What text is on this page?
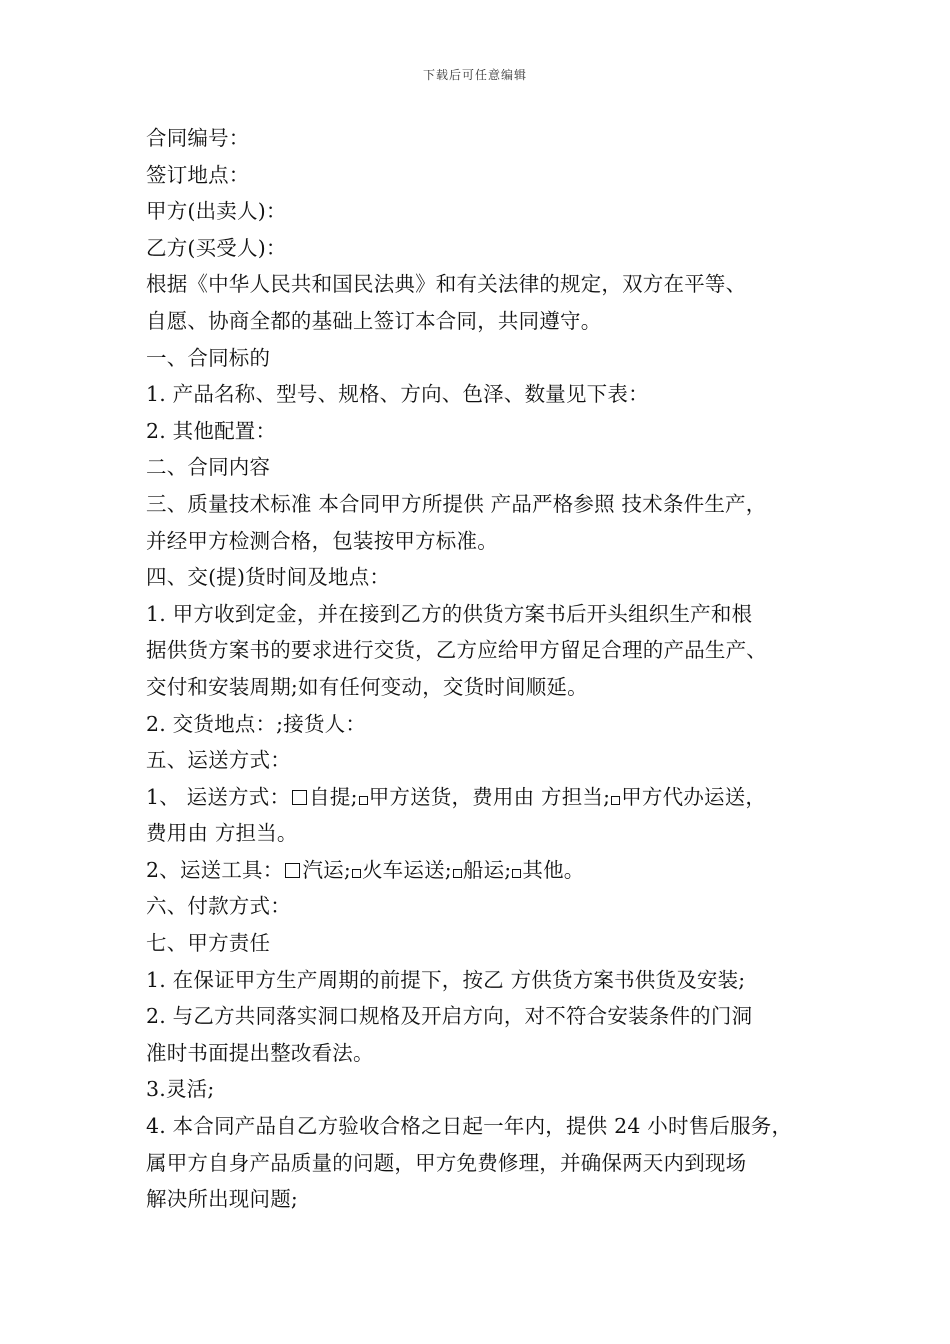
下载后可任意编辑
合同编号：
签订地点：
甲方(出卖人)：
乙方(买受人)：
根据《中华人民共和国民法典》和有关法律的规定，双方在平等、
自愿、协商全都的基础上签订本合同，共同遵守。
一、合同标的
1. 产品名称、型号、规格、方向、色泽、数量见下表：
2. 其他配置：
二、合同内容
三、质量技术标准 本合同甲方所提供 产品严格参照 技术条件生产，
并经甲方检测合格，包装按甲方标准。
四、交(提)货时间及地点：
1. 甲方收到定金，并在接到乙方的供货方案书后开头组织生产和根
据供货方案书的要求进行交货，乙方应给甲方留足合理的产品生产、
交付和安装周期;如有任何变动，交货时间顺延。
2. 交货地点：;接货人：
五、运送方式：
1、 运送方式： 自提; 甲方送货，费用由 方担当; 甲方代办运送，
费用由 方担当。
2、运送工具： 汽运; 火车运送; 船运; 其他。
六、付款方式：
七、甲方责任
1. 在保证甲方生产周期的前提下，按乙 方供货方案书供货及安装;
2. 与乙方共同落实洞口规格及开启方向，对不符合安装条件的门洞
准时书面提出整改看法。
3.灵活;
4. 本合同产品自乙方验收合格之日起一年内，提供 24 小时售后服务，
属甲方自身产品质量的问题，甲方免费修理，并确保两天内到现场
解决所出现问题;
